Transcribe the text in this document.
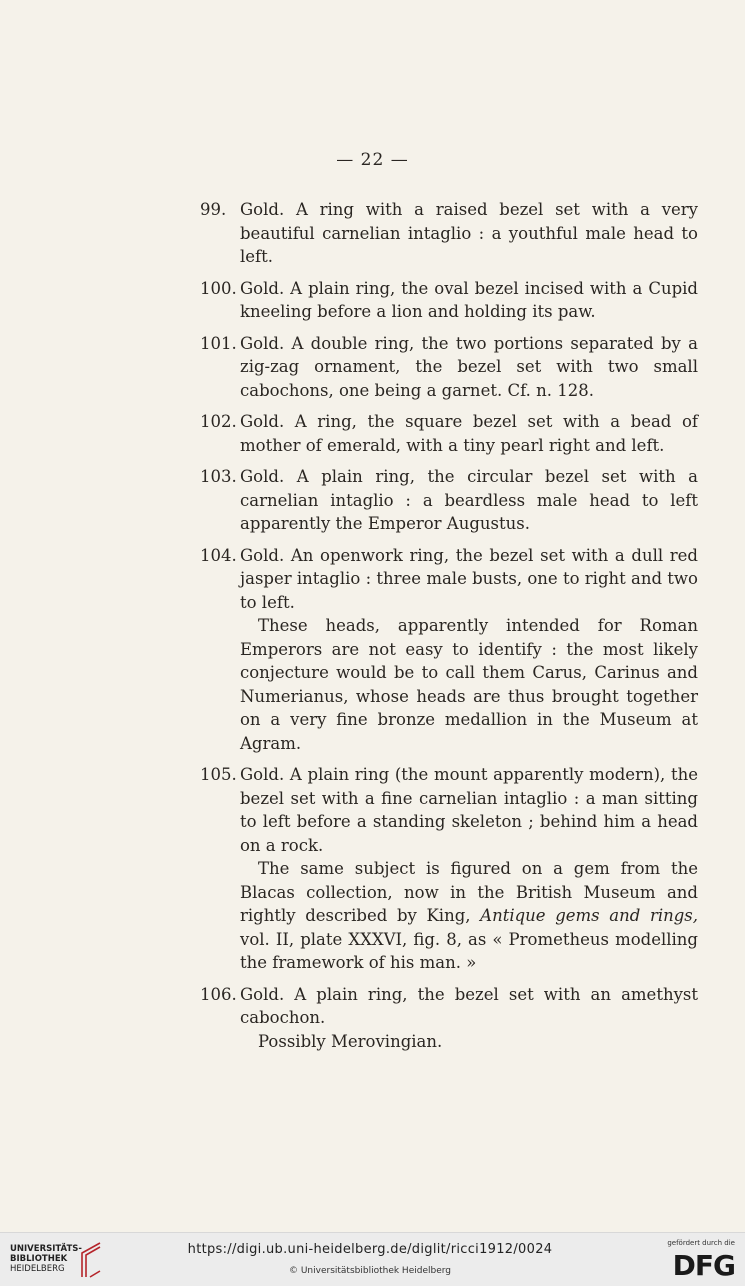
— 22 —
99. Gold. A ring with a raised bezel set with a very beautiful carnelian intaglio : a youthful male head to left.
100. Gold. A plain ring, the oval bezel incised with a Cupid kneeling before a lion and holding its paw.
101. Gold. A double ring, the two portions separated by a zig-zag ornament, the bezel set with two small cabochons, one being a garnet. Cf. n. 128.
102. Gold. A ring, the square bezel set with a bead of mother of emerald, with a tiny pearl right and left.
103. Gold. A plain ring, the circular bezel set with a carnelian intaglio : a beardless male head to left apparently the Emperor Augustus.
104. Gold. An openwork ring, the bezel set with a dull red jasper intaglio : three male busts, one to right and two to left.
These heads, apparently intended for Roman Emperors are not easy to identify : the most likely conjecture would be to call them Carus, Carinus and Numerianus, whose heads are thus brought together on a very fine bronze medallion in the Museum at Agram.
105. Gold. A plain ring (the mount apparently modern), the bezel set with a fine carnelian intaglio : a man sitting to left before a standing skeleton ; behind him a head on a rock.
The same subject is figured on a gem from the Blacas collection, now in the British Museum and rightly described by King, Antique gems and rings, vol. II, plate XXXVI, fig. 8, as « Prometheus modelling the framework of his man. »
106. Gold. A plain ring, the bezel set with an amethyst cabochon.
Possibly Merovingian.
UNIVERSITÄTS-
BIBLIOTHEK
HEIDELBERG
https://digi.ub.uni-heidelberg.de/diglit/ricci1912/0024
© Universitätsbibliothek Heidelberg
gefördert durch die
DFG
